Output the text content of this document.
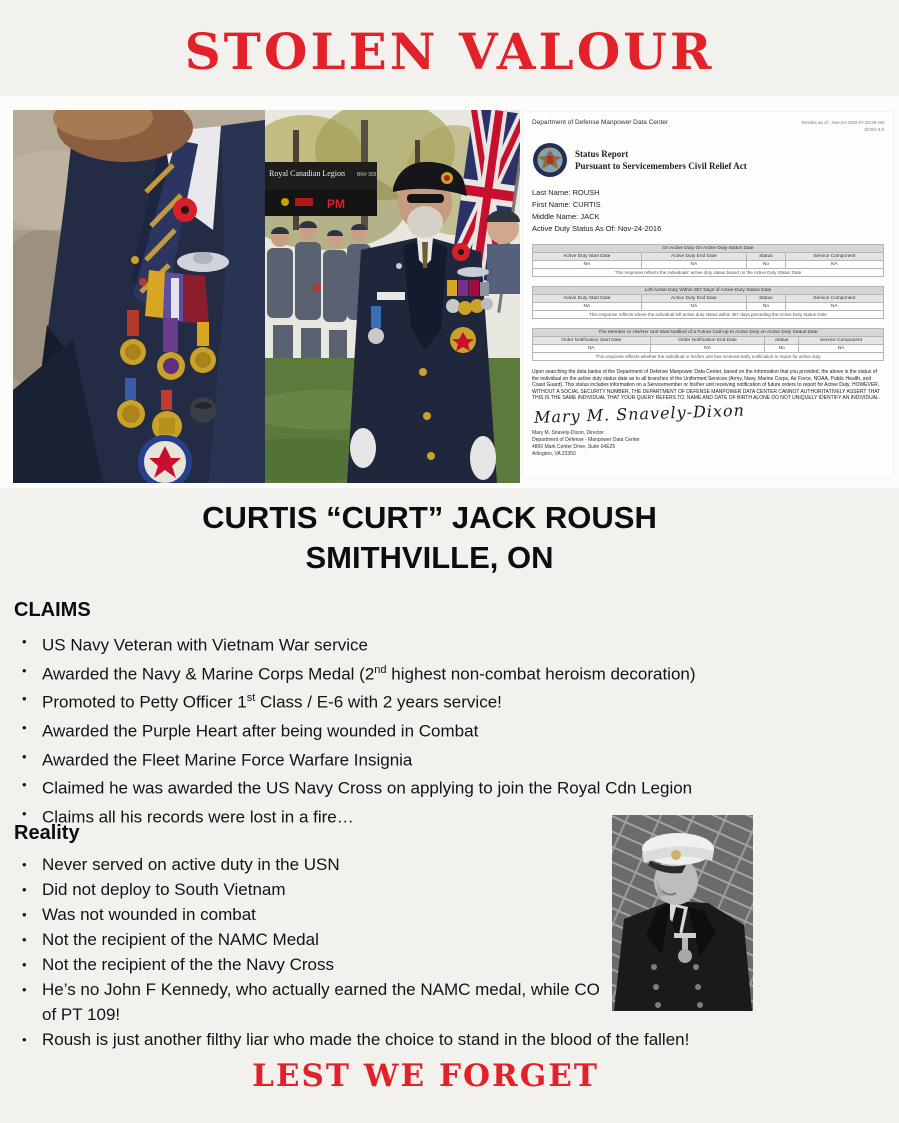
STOLEN VALOUR
Royal Canadian Legion BR# 393
PM
Department of Defense Manpower Data Center	Results as of : Nov-24-2016 07:40:28 AM
SCRA 3.0
Status Report
Pursuant to Servicemembers Civil Relief Act
Last Name: ROUSH
First Name: CURTIS
Middle Name: JACK
Active Duty Status As Of: Nov-24-2016
On Active Duty On Active Duty Status Date			
Active Duty Start Date	Active Duty End Date	Status	Service Component
NA	NA	No	NA
This response reflects the individuals' active duty status based on the Active Duty Status Date			
Left Active Duty Within 367 Days of Active Duty Status Date			
Active Duty Start Date	Active Duty End Date	Status	Service Component
NA	NA	No	NA
This response reflects where the individual left active duty status within 367 days preceding the Active Duty Status Date			
The Member or His/Her Unit Was Notified of a Future Call-Up to Active Duty on Active Duty Status Date			
Order Notification Start Date	Order Notification End Date	Status	Service Component
NA	NA	No	NA
This response reflects whether the individual or his/her unit has received early notification to report for active duty			
Upon searching the data banks of the Department of Defense Manpower Data Center, based on the information that you provided, the above is the status of the individual on the active duty status date as to all branches of the Uniformed Services (Army, Navy, Marine Corps, Air Force, NOAA, Public Health, and Coast Guard). This status includes information on a Servicemember or his/her unit receiving notification of future orders to report for Active Duty. HOWEVER, WITHOUT A SOCIAL SECURITY NUMBER, THE DEPARTMENT OF DEFENSE MANPOWER DATA CENTER CANNOT AUTHORITATIVELY ASSERT THAT THIS IS THE SAME INDIVIDUAL THAT YOUR QUERY REFERS TO. NAME AND DATE OF BIRTH ALONE DO NOT UNIQUELY IDENTIFY AN INDIVIDUAL.
Mary M. Snavely-Dixon
Mary M. Snavely-Dixon, Director
Department of Defense - Manpower Data Center
4800 Mark Center Drive, Suite 04E25
Arlington, VA 22350
CURTIS “CURT” JACK ROUSH
SMITHVILLE, ON
CLAIMS
• US Navy Veteran with Vietnam War service
• Awarded the Navy & Marine Corps Medal (2nd highest non-combat heroism decoration)
• Promoted to Petty Officer 1st Class / E-6 with 2 years service!
• Awarded the Purple Heart after being wounded in Combat
• Awarded the Fleet Marine Force Warfare Insignia
• Claimed he was awarded the US Navy Cross on applying to join the Royal Cdn Legion
• Claims all his records were lost in a fire…
Reality
• Never served on active duty in the USN
• Did not deploy to South Vietnam
• Was not wounded in combat
• Not the recipient of the NAMC Medal
• Not the recipient of the the Navy Cross
• He’s no John F Kennedy, who actually earned the NAMC medal, while CO of PT 109!
• Roush is just another filthy liar who made the choice to stand in the blood of the fallen!
LEST WE FORGET
